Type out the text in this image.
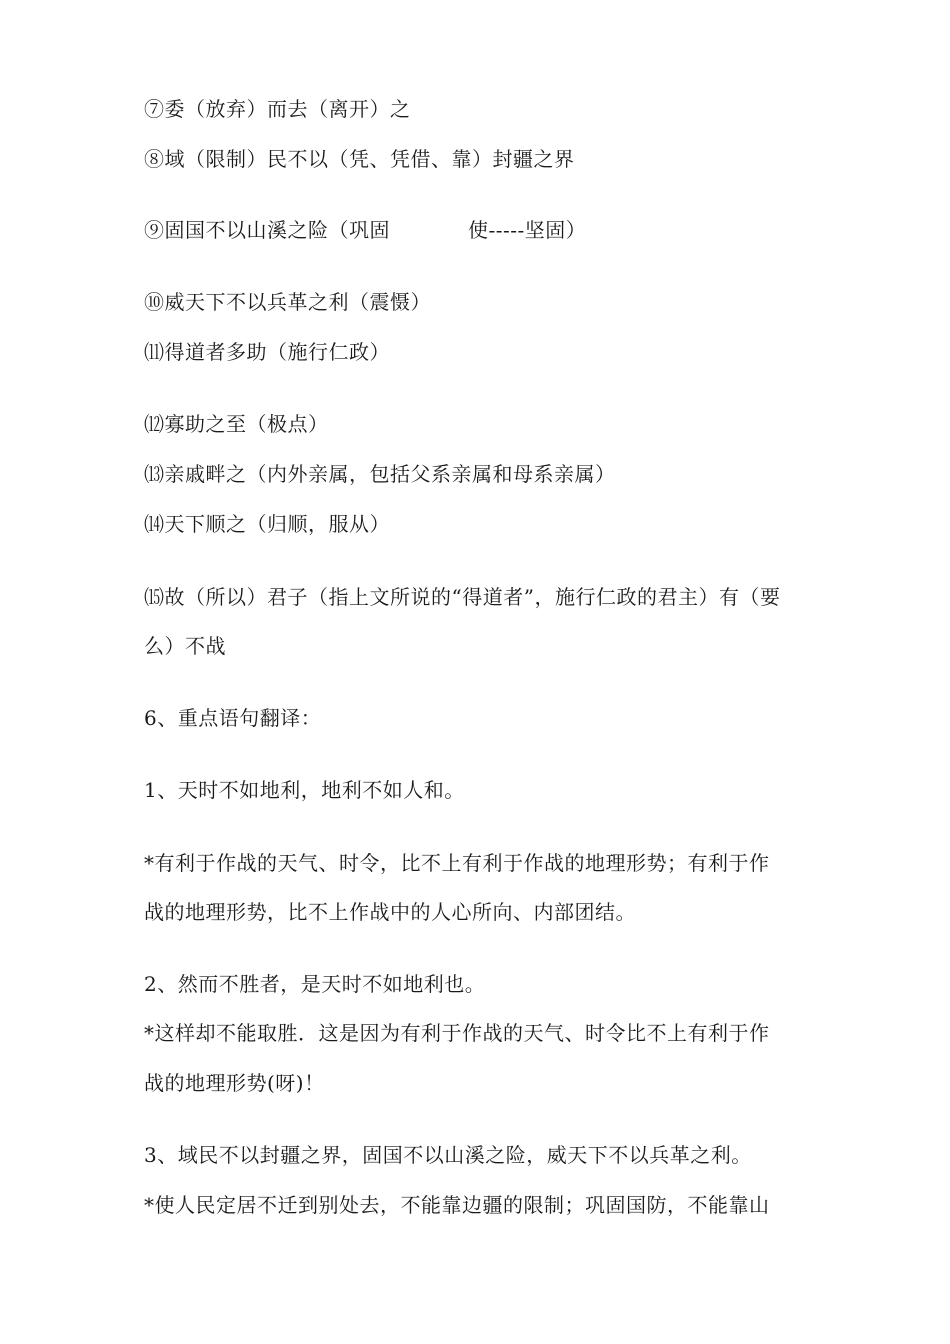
⑦委（放弃）而去（离开）之
⑧域（限制）民不以（凭、凭借、靠）封疆之界
⑨固国不以山溪之险（巩固	使-----坚固）
⑩威天下不以兵革之利（震慑）
⑾得道者多助（施行仁政）
⑿寡助之至（极点）
⒀亲戚畔之（内外亲属，包括父系亲属和母系亲属）
⒁天下顺之（归顺，服从）
⒂故（所以）君子（指上文所说的“得道者”，施行仁政的君主）有（要
么）不战
6、重点语句翻译：
1、天时不如地利，地利不如人和。
*有利于作战的天气、时令，比不上有利于作战的地理形势；有利于作
战的地理形势，比不上作战中的人心所向、内部团结。
2、然而不胜者，是天时不如地利也。
*这样却不能取胜．这是因为有利于作战的天气、时令比不上有利于作
战的地理形势(呀)！
3、域民不以封疆之界，固国不以山溪之险，威天下不以兵革之利。
*使人民定居不迁到别处去，不能靠边疆的限制；巩固国防，不能靠山
